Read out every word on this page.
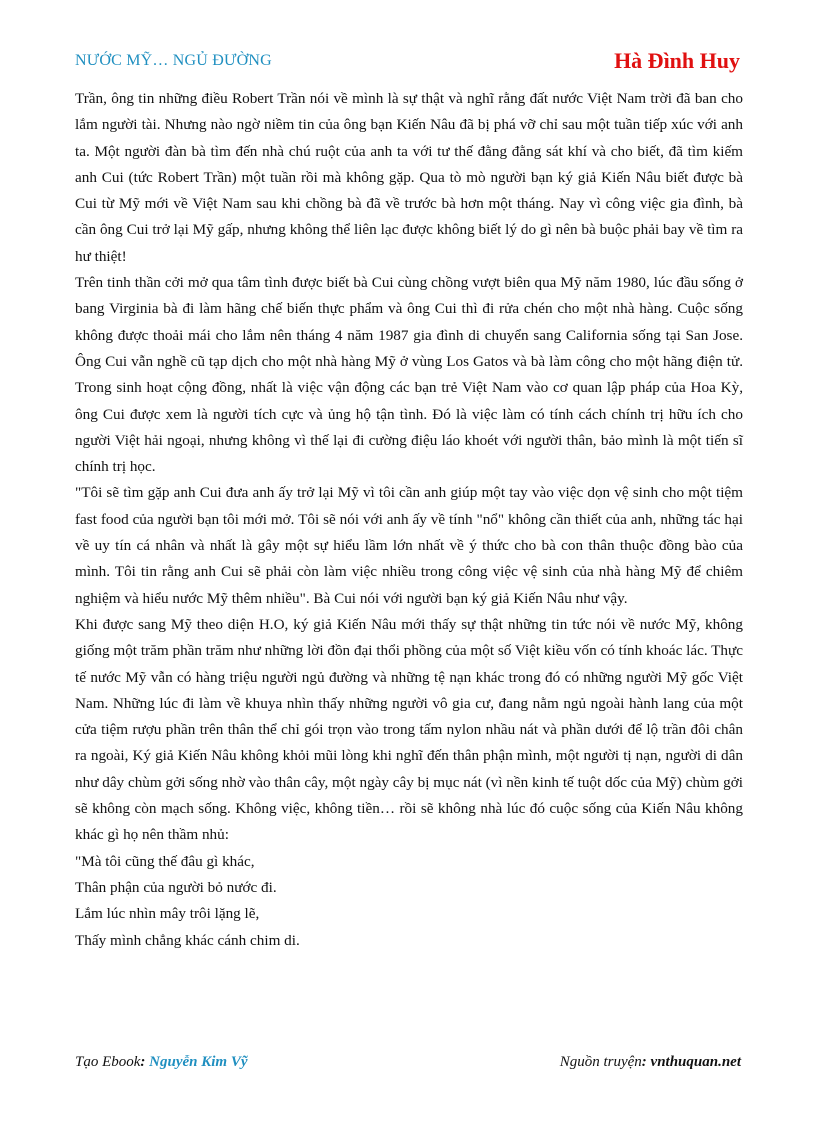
NƯỚC MỸ… NGỦ ĐƯỜNG	Hà Đình Huy

Trần, ông tin những điều Robert Trần nói về mình là sự thật và nghĩ rằng đất nước Việt Nam trời đã ban cho lắm người tài. Nhưng nào ngờ niềm tin của ông bạn Kiến Nâu đã bị phá vỡ chỉ sau một tuần tiếp xúc với anh ta. Một người đàn bà tìm đến nhà chú ruột của anh ta với tư thế đằng đằng sát khí và cho biết, đã tìm kiếm anh Cui (tức Robert Trần) một tuần rồi mà không gặp. Qua tò mò người bạn ký giả Kiến Nâu biết được bà Cui từ Mỹ mới về Việt Nam sau khi chồng bà đã về trước bà hơn một tháng. Nay vì công việc gia đình, bà cần ông Cui trở lại Mỹ gấp, nhưng không thể liên lạc được không biết lý do gì nên bà buộc phải bay về tìm ra hư thiệt!

Trên tinh thần cởi mở qua tâm tình được biết bà Cui cùng chồng vượt biên qua Mỹ năm 1980, lúc đầu sống ở bang Virginia bà đi làm hãng chế biến thực phẩm và ông Cui thì đi rửa chén cho một nhà hàng. Cuộc sống không được thoải mái cho lắm nên tháng 4 năm 1987 gia đình di chuyển sang California sống tại San Jose. Ông Cui vẫn nghề cũ tạp dịch cho một nhà hàng Mỹ ở vùng Los Gatos và bà làm công cho một hãng điện tử. Trong sinh hoạt cộng đồng, nhất là việc vận động các bạn trẻ Việt Nam vào cơ quan lập pháp của Hoa Kỳ, ông Cui được xem là người tích cực và ủng hộ tận tình. Đó là việc làm có tính cách chính trị hữu ích cho người Việt hải ngoại, nhưng không vì thế lại đi cường điệu láo khoét với người thân, bảo mình là một tiến sĩ chính trị học.

"Tôi sẽ tìm gặp anh Cui đưa anh ấy trở lại Mỹ vì tôi cần anh giúp một tay vào việc dọn vệ sinh cho một tiệm fast food của người bạn tôi mới mở. Tôi sẽ nói với anh ấy về tính "nổ" không cần thiết của anh, những tác hại về uy tín cá nhân và nhất là gây một sự hiểu lầm lớn nhất về ý thức cho bà con thân thuộc đồng bào của mình. Tôi tin rằng anh Cui sẽ phải còn làm việc nhiều trong công việc vệ sinh của nhà hàng Mỹ để chiêm nghiệm và hiểu nước Mỹ thêm nhiều". Bà Cui nói với người bạn ký giả Kiến Nâu như vậy.

Khi được sang Mỹ theo diện H.O, ký giả Kiến Nâu mới thấy sự thật những tin tức nói về nước Mỹ, không giống một trăm phần trăm như những lời đồn đại thổi phồng của một số Việt kiều vốn có tính khoác lác. Thực tế nước Mỹ vẫn có hàng triệu người ngủ đường và những tệ nạn khác trong đó có những người Mỹ gốc Việt Nam. Những lúc đi làm về khuya nhìn thấy những người vô gia cư, đang nằm ngủ ngoài hành lang của một cửa tiệm rượu phần trên thân thể chỉ gói trọn vào trong tấm nylon nhầu nát và phần dưới để lộ trần đôi chân ra ngoài, Ký giả Kiến Nâu không khỏi mũi lòng khi nghĩ đến thân phận mình, một người tị nạn, người di dân như dây chùm gởi sống nhờ vào thân cây, một ngày cây bị mục nát (vì nền kinh tế tuột dốc của Mỹ) chùm gởi sẽ không còn mạch sống. Không việc, không tiền… rồi sẽ không nhà lúc đó cuộc sống của Kiến Nâu không khác gì họ nên thầm nhủ:

"Mà tôi cũng thế đâu gì khác,

Thân phận của người bỏ nước đi.

Lắm lúc nhìn mây trôi lặng lẽ,

Thấy mình chẳng khác cánh chim di.

Tạo Ebook: Nguyễn Kim Vỹ	Nguồn truyện: vnthuquan.net
